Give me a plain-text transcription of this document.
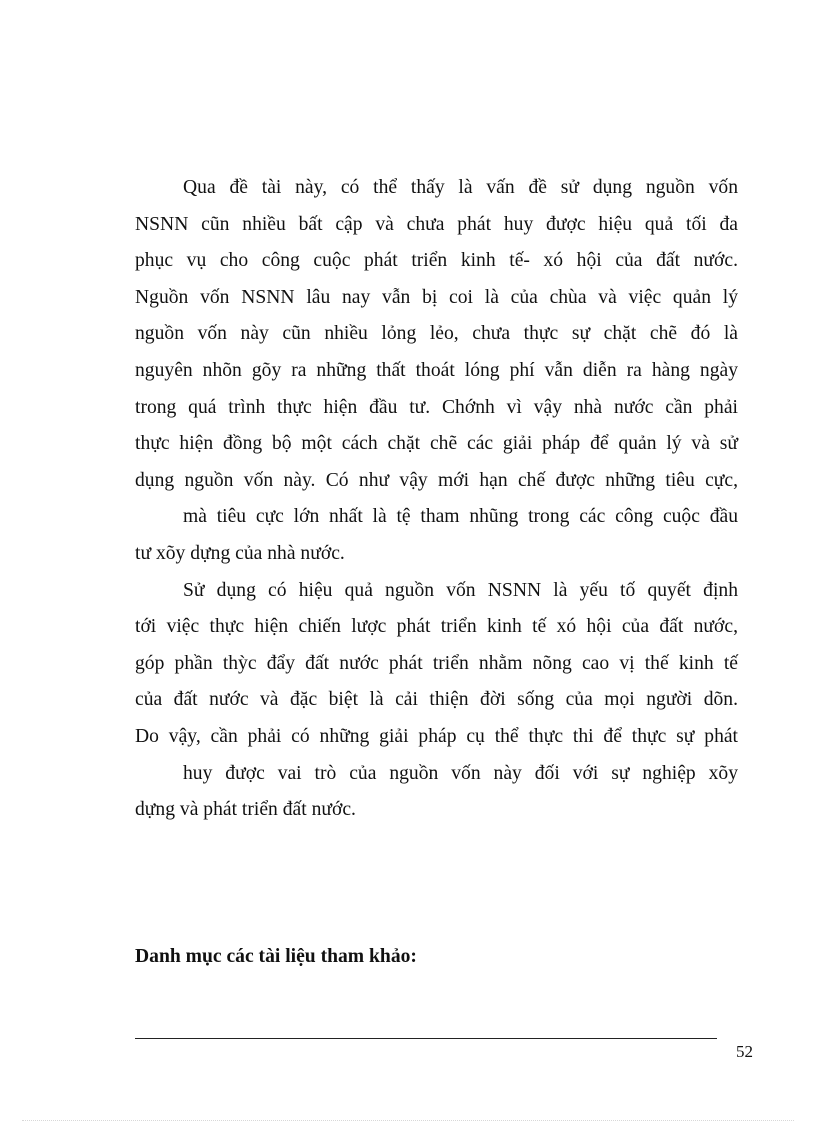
Qua đề tài này, có thể thấy là vấn đề sử dụng nguồn vốn
NSNN cũn nhiều bất cập và chưa phát huy được hiệu quả tối đa
phục vụ cho công cuộc phát triển kinh tế- xó hội của đất nước.
Nguồn vốn NSNN lâu nay vẫn bị coi là của chùa và việc quản lý
nguồn vốn này cũn nhiều lỏng lẻo, chưa thực sự chặt chẽ đó là
nguyên nhõn gõy ra những thất thoát lóng phí vẫn diễn ra hàng ngày
trong quá trình thực hiện đầu tư. Chớnh vì vậy nhà nước cần phải
thực hiện đồng bộ một cách chặt chẽ các giải pháp để quản lý và sử
dụng nguồn vốn này. Có như vậy mới hạn chế được những tiêu cực,
mà tiêu cực lớn nhất là tệ tham nhũng trong các công cuộc đầu
tư xõy dựng của nhà nước.
Sử dụng có hiệu quả nguồn vốn NSNN là yếu tố quyết định
tới việc thực hiện chiến lược phát triển kinh tế xó hội của đất nước,
góp phần thỳc đẩy đất nước phát triển nhằm nõng cao vị thế kinh tế
của đất nước và đặc biệt là cải thiện đời sống của mọi người dõn.
Do vậy, cần phải có những giải pháp cụ thể thực thi để thực sự phát
huy được vai trò của nguồn vốn này đối với sự nghiệp xõy
dựng và phát triển đất nước.
Danh mục các tài liệu tham khảo:
52
